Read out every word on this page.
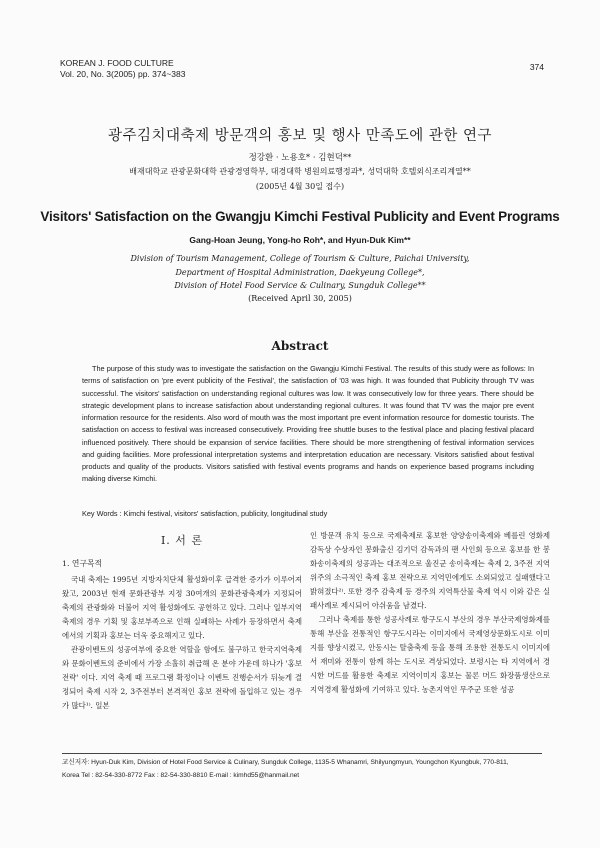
KOREAN J. FOOD CULTURE
Vol. 20, No. 3(2005) pp. 374~383
374
광주김치대축제 방문객의 홍보 및 행사 만족도에 관한 연구
정강환 · 노용호* · 김현덕**
배재대학교 관광문화대학 관광경영학부, 대경대학 병원의료행정과*, 성덕대학 호텔외식조리계열**
(2005년 4월 30일 접수)
Visitors' Satisfaction on the Gwangju Kimchi Festival Publicity and Event Programs
Gang-Hoan Jeung, Yong-ho Roh*, and Hyun-Duk Kim**
Division of Tourism Management, College of Tourism & Culture, Paichai University,
Department of Hospital Administration, Daekyeung College*,
Division of Hotel Food Service & Culinary, Sungduk College**
(Received April 30, 2005)
Abstract
The purpose of this study was to investigate the satisfaction on the Gwangju Kimchi Festival. The results of this study were as follows: In terms of satisfaction on 'pre event publicity of the Festival', the satisfaction of '03 was high. It was founded that Publicity through TV was successful. The visitors' satisfaction on understanding regional cultures was low. It was consecutively low for three years. There should be strategic development plans to increase satisfaction about understanding regional cultures. It was found that TV was the major pre event information resource for the residents. Also word of mouth was the most important pre event information resource for domestic tourists. The satisfaction on access to festival was increased consecutively. Providing free shuttle buses to the festival place and placing festival placard influenced positively. There should be expansion of service facilities. There should be more strengthening of festival information services and guiding facilities. More professional interpretation systems and interpretation education are necessary. Visitors satisfied about festival products and quality of the products. Visitors satisfied with festival events programs and hands on experience based programs including making diverse Kimchi.
Key Words : Kimchi festival, visitors' satisfaction, publicity, longitudinal study
I. 서 론
1. 연구목적

국내 축제는 1995년 지방자치단체 활성화이후 급격한 증가가 이루어져 왔고, 2003년 현재 문화관광부 지정 30여개의 문화관광축제가 지정되어 축제의 관광화와 더불어 지역 활성화에도 공헌하고 있다. 그러나 일부지역 축제의 경우 기획 및 홍보부족으로 인해 실패하는 사례가 등장하면서 축제에서의 기획과 홍보는 더욱 중요해지고 있다.

관광이벤트의 성공여부에 중요한 역할을 함에도 불구하고 한국지역축제와 문화이벤트의 준비에서 가장 소홀히 취급해 온 분야 가운데 하나가 '홍보전략' 이다. 지역 축제 때 프로그램 확정이나 이벤트 진행순서가 뒤늦게 결정되어 축제 시작 2, 3주전부터 본격적인 홍보 전략에 돌입하고 있는 경우가 많다¹⁾. 일본

인 방문객 유치 등으로 국제축제로 홍보한 양양송이축제와 베를린 영화제 감독상 수상자인 봉화출신 김기덕 감독과의 팬 사인회 등으로 홍보를 한 봉화송이축제의 성공과는 대조적으로 울진군 송이축제는 축제 2, 3주전 지역위주의 소극적인 축제 홍보 전략으로 지역민에게도 소외되었고 실패했다고 밝혀졌다²⁾. 또한 경주 감축제 등 경주의 지역특산물 축제 역시 이와 같은 실패사례로 제시되어 아쉬움을 남겼다.

그러나 축제를 통한 성공사례로 항구도시 부산의 경우 부산국제영화제를 통해 부산을 전통적인 항구도시라는 이미지에서 국제영상문화도시로 이미지를 향상시켰고, 안동시는 탈춤축제 등을 통해 조용한 전통도시 이미지에서 재미와 전통이 함께 하는 도시로 격상되었다. 보령시는 타 지역에서 경시한 머드를 활용한 축제로 지역이미지 홍보는 물론 머드 화장품생산으로 지역경제 활성화에 기여하고 있다. 농촌지역인 무주군 또한 성공

교신저자: Hyun-Duk Kim, Division of Hotel Food Service & Culinary, Sungduk College, 1135-5 Whanamri, Shilyungmyun, Youngchon Kyungbuk, 770-811,
Korea Tel : 82-54-330-8772 Fax : 82-54-330-8810 E-mail : kimhd55@hanmail.net
